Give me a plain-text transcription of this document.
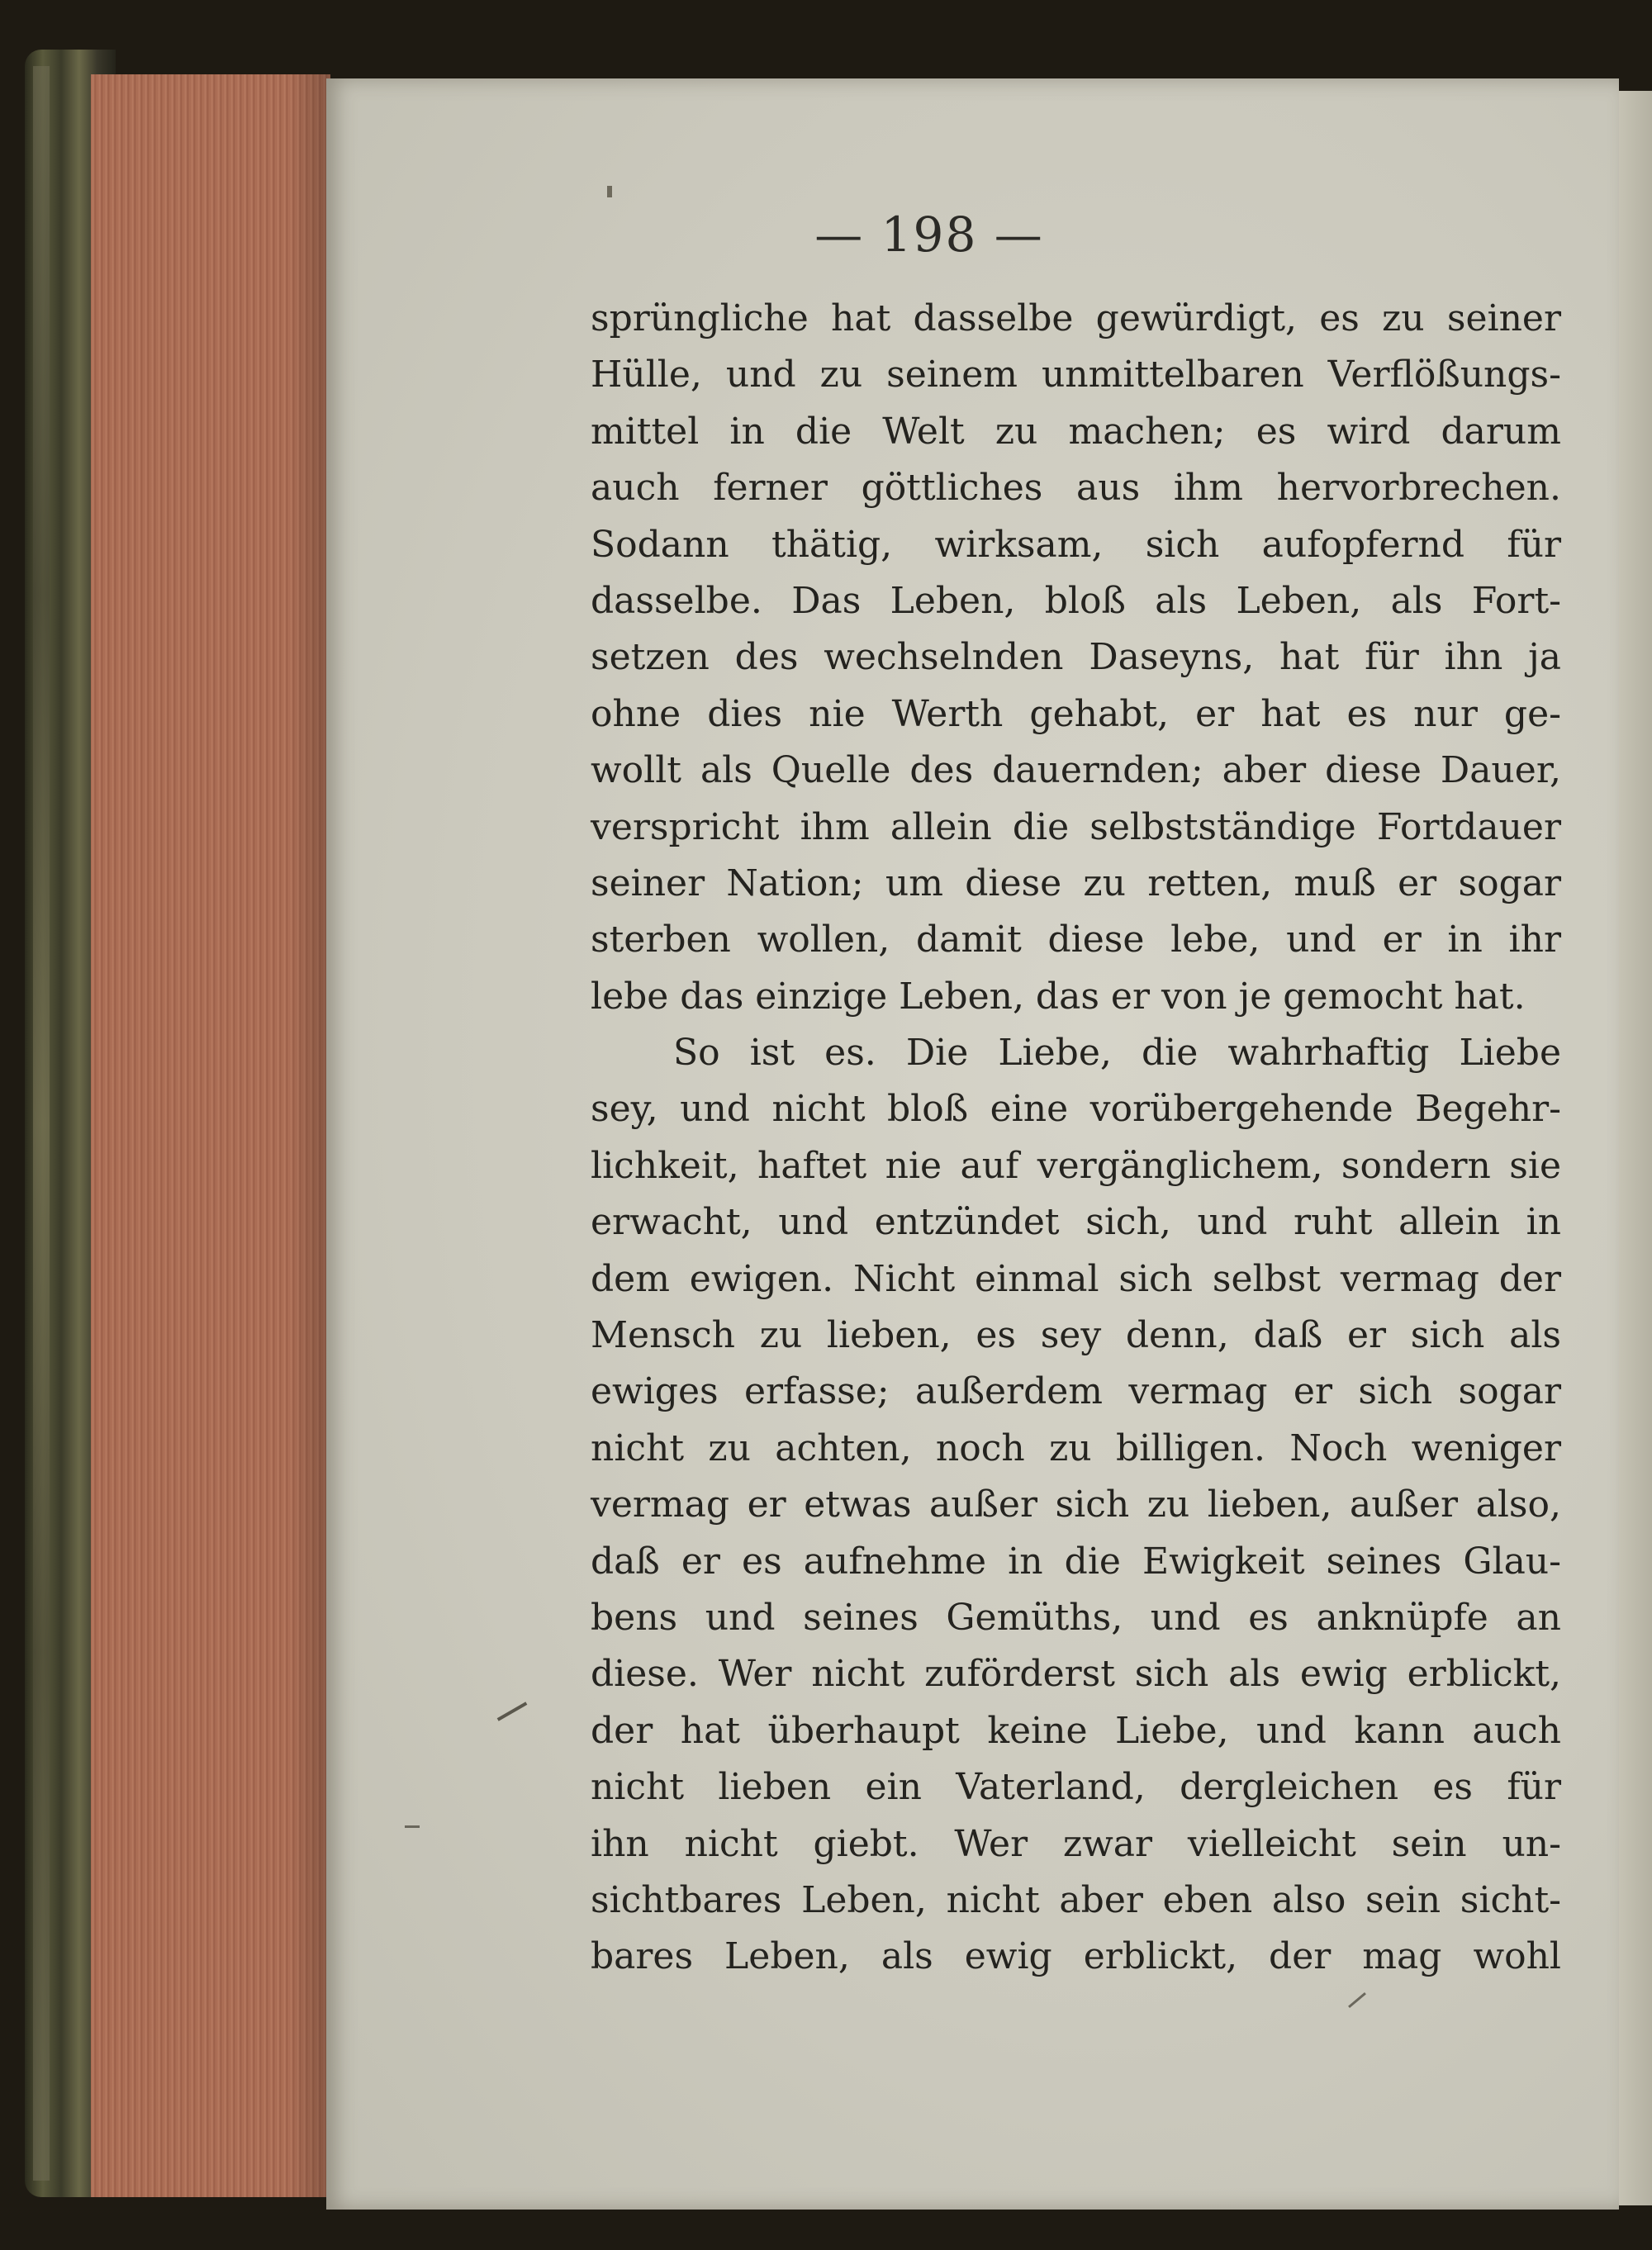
— 198 —
sprüngliche hat dasselbe gewürdigt, es zu seiner
Hülle, und zu seinem unmittelbaren Verflößungs-
mittel in die Welt zu machen; es wird darum
auch ferner göttliches aus ihm hervorbrechen.
Sodann thätig, wirksam, sich aufopfernd für
dasselbe. Das Leben, bloß als Leben, als Fort-
setzen des wechselnden Daseyns, hat für ihn ja
ohne dies nie Werth gehabt, er hat es nur ge-
wollt als Quelle des dauernden; aber diese Dauer,
verspricht ihm allein die selbstständige Fortdauer
seiner Nation; um diese zu retten, muß er sogar
sterben wollen, damit diese lebe, und er in ihr
lebe das einzige Leben, das er von je gemocht hat.
So ist es. Die Liebe, die wahrhaftig Liebe
sey, und nicht bloß eine vorübergehende Begehr-
lichkeit, haftet nie auf vergänglichem, sondern sie
erwacht, und entzündet sich, und ruht allein in
dem ewigen. Nicht einmal sich selbst vermag der
Mensch zu lieben, es sey denn, daß er sich als
ewiges erfasse; außerdem vermag er sich sogar
nicht zu achten, noch zu billigen. Noch weniger
vermag er etwas außer sich zu lieben, außer also,
daß er es aufnehme in die Ewigkeit seines Glau-
bens und seines Gemüths, und es anknüpfe an
diese. Wer nicht zuförderst sich als ewig erblickt,
der hat überhaupt keine Liebe, und kann auch
nicht lieben ein Vaterland, dergleichen es für
ihn nicht giebt. Wer zwar vielleicht sein un-
sichtbares Leben, nicht aber eben also sein sicht-
bares Leben, als ewig erblickt, der mag wohl
